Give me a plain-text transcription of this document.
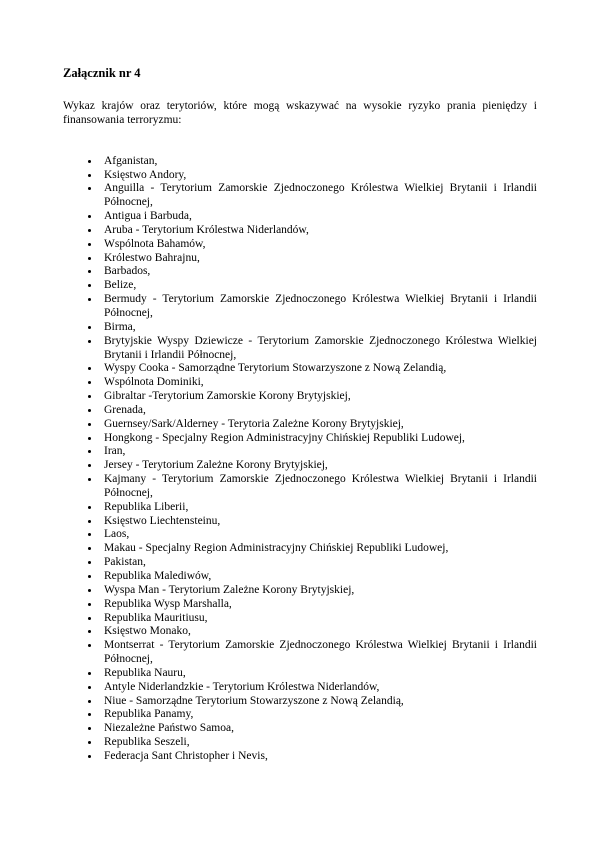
Załącznik nr 4

Wykaz krajów oraz terytoriów, które mogą wskazywać na wysokie ryzyko prania pieniędzy i finansowania terroryzmu:

Afganistan,
Księstwo Andory,
Anguilla - Terytorium Zamorskie Zjednoczonego Królestwa Wielkiej Brytanii i Irlandii Północnej,
Antigua i Barbuda,
Aruba - Terytorium Królestwa Niderlandów,
Wspólnota Bahamów,
Królestwo Bahrajnu,
Barbados,
Belize,
Bermudy - Terytorium Zamorskie Zjednoczonego Królestwa Wielkiej Brytanii i Irlandii Północnej,
Birma,
Brytyjskie Wyspy Dziewicze - Terytorium Zamorskie Zjednoczonego Królestwa Wielkiej Brytanii i Irlandii Północnej,
Wyspy Cooka - Samorządne Terytorium Stowarzyszone z Nową Zelandią,
Wspólnota Dominiki,
Gibraltar -Terytorium Zamorskie Korony Brytyjskiej,
Grenada,
Guernsey/Sark/Alderney - Terytoria Zależne Korony Brytyjskiej,
Hongkong - Specjalny Region Administracyjny Chińskiej Republiki Ludowej,
Iran,
Jersey - Terytorium Zależne Korony Brytyjskiej,
Kajmany - Terytorium Zamorskie Zjednoczonego Królestwa Wielkiej Brytanii i Irlandii Północnej,
Republika Liberii,
Księstwo Liechtensteinu,
Laos,
Makau - Specjalny Region Administracyjny Chińskiej Republiki Ludowej,
Pakistan,
Republika Malediwów,
Wyspa Man - Terytorium Zależne Korony Brytyjskiej,
Republika Wysp Marshalla,
Republika Mauritiusu,
Księstwo Monako,
Montserrat - Terytorium Zamorskie Zjednoczonego Królestwa Wielkiej Brytanii i Irlandii Północnej,
Republika Nauru,
Antyle Niderlandzkie - Terytorium Królestwa Niderlandów,
Niue - Samorządne Terytorium Stowarzyszone z Nową Zelandią,
Republika Panamy,
Niezależne Państwo Samoa,
Republika Seszeli,
Federacja Sant Christopher i Nevis,
